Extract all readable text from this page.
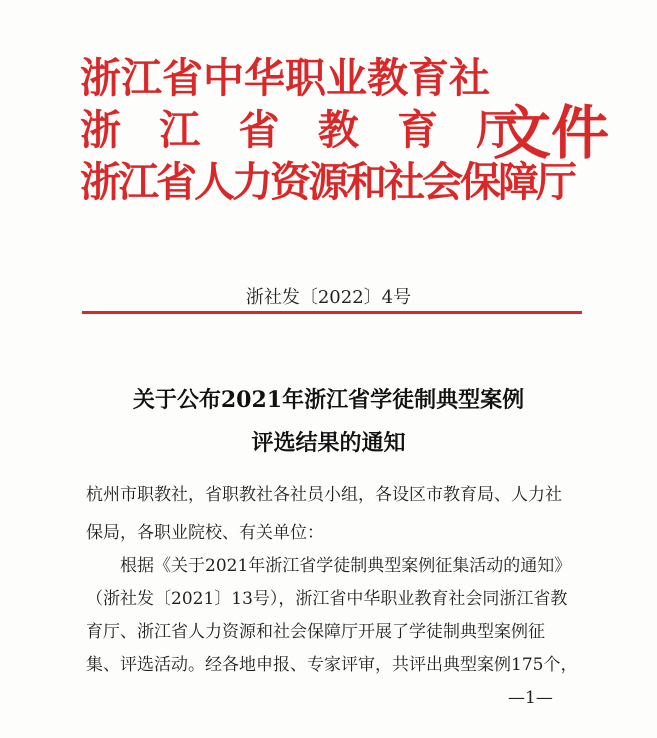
浙江省中华职业教育社
浙 江 省 教 育 厅
浙江省人力资源和社会保障厅
文件
浙社发〔2022〕4号
关于公布2021年浙江省学徒制典型案例
评选结果的通知
杭州市职教社，省职教社各社员小组，各设区市教育局、人力社
保局，各职业院校、有关单位：
根据《关于2021年浙江省学徒制典型案例征集活动的通知》
（浙社发〔2021〕13号），浙江省中华职业教育社会同浙江省教
育厅、浙江省人力资源和社会保障厅开展了学徒制典型案例征
集、评选活动。经各地申报、专家评审，共评出典型案例175个，
—1—
